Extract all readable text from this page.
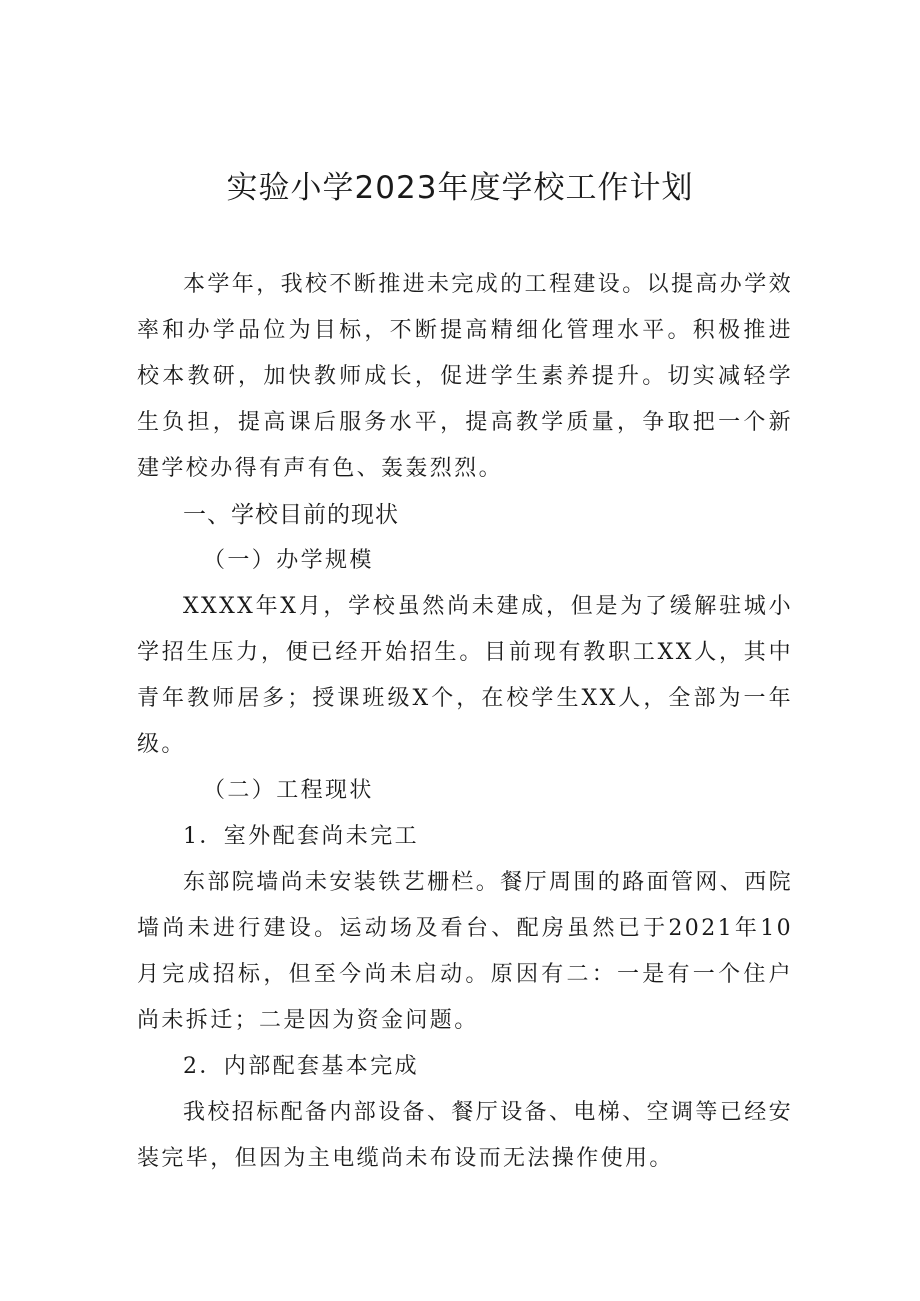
实验小学2023年度学校工作计划

本学年，我校不断推进未完成的工程建设。以提高办学效率和办学品位为目标，不断提高精细化管理水平。积极推进校本教研，加快教师成长，促进学生素养提升。切实减轻学生负担，提高课后服务水平，提高教学质量，争取把一个新建学校办得有声有色、轰轰烈烈。

一、学校目前的现状

（一）办学规模

XXXX年X月，学校虽然尚未建成，但是为了缓解驻城小学招生压力，便已经开始招生。目前现有教职工XX人，其中青年教师居多；授课班级X个，在校学生XX人，全部为一年级。

（二）工程现状

1．室外配套尚未完工

东部院墙尚未安装铁艺栅栏。餐厅周围的路面管网、西院墙尚未进行建设。运动场及看台、配房虽然已于2021年10月完成招标，但至今尚未启动。原因有二：一是有一个住户尚未拆迁；二是因为资金问题。

2．内部配套基本完成

我校招标配备内部设备、餐厅设备、电梯、空调等已经安装完毕，但因为主电缆尚未布设而无法操作使用。
